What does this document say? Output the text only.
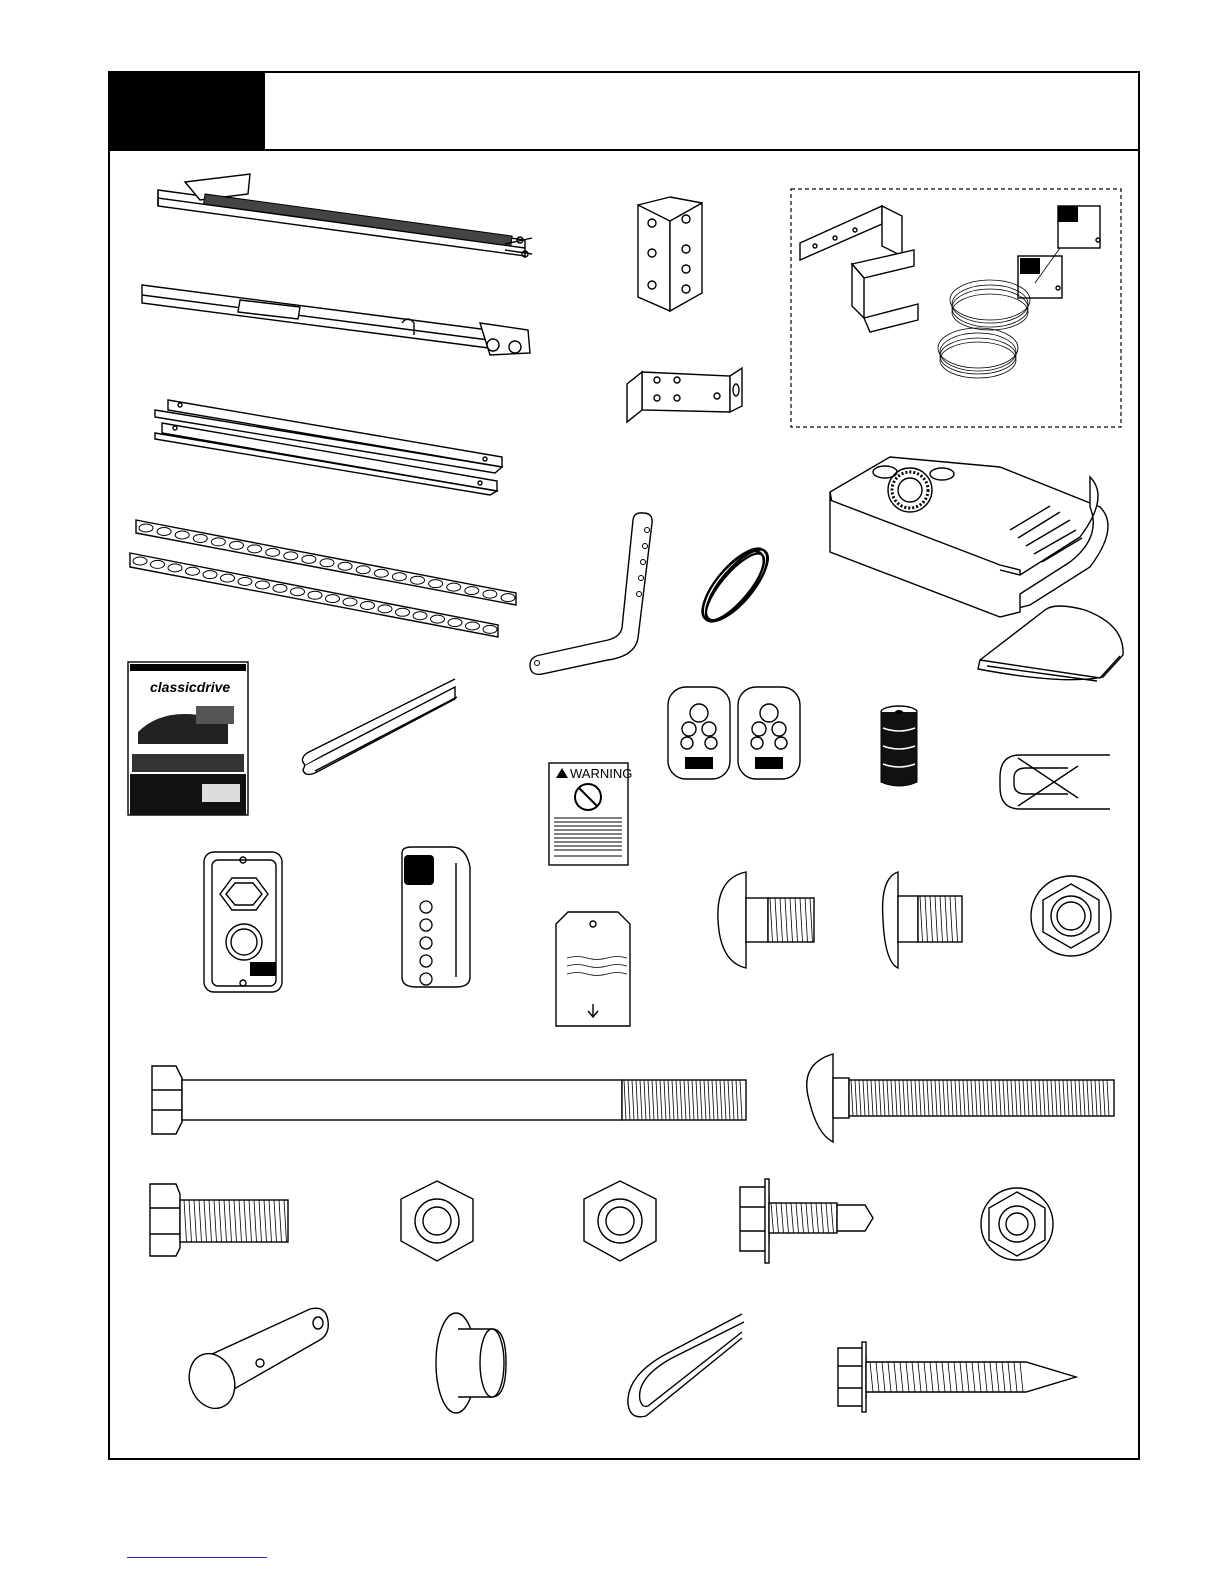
classicdrive
WARNING
